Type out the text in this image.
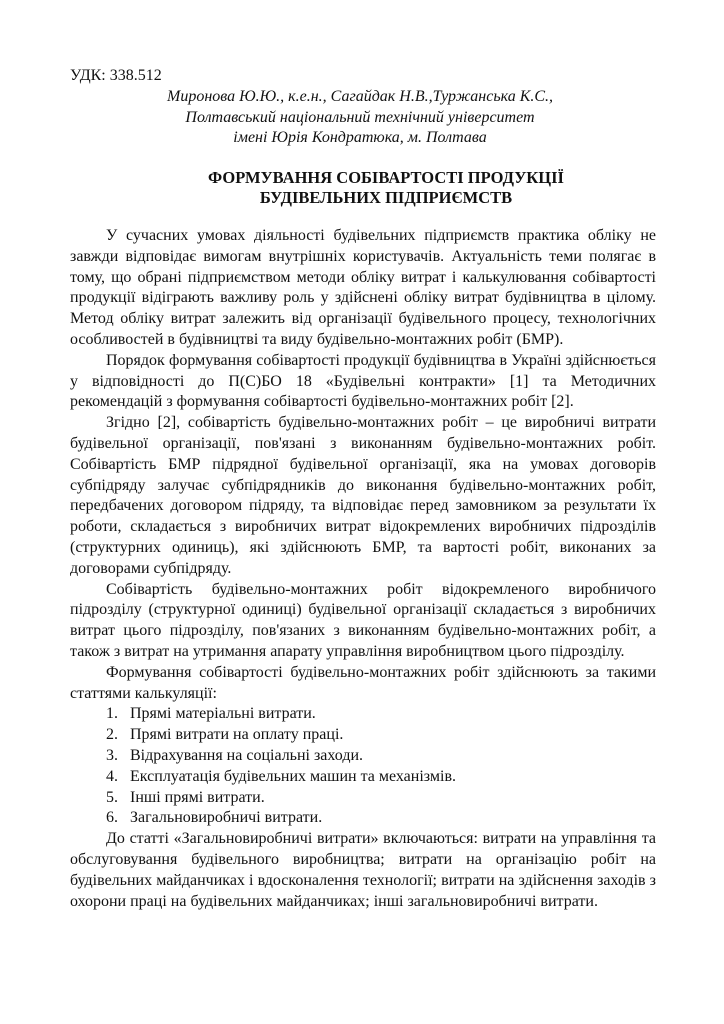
УДК: 338.512
Миронова Ю.Ю., к.е.н., Сагайдак Н.В.,Туржанська К.С.,
Полтавський національний технічний університет
імені Юрія Кондратюка, м. Полтава
ФОРМУВАННЯ СОБІВАРТОСТІ ПРОДУКЦІЇ
БУДІВЕЛЬНИХ ПІДПРИЄМСТВ

У сучасних умовах діяльності будівельних підприємств практика обліку не завжди відповідає вимогам внутрішніх користувачів. Актуальність теми полягає в тому, що обрані підприємством методи обліку витрат і калькулювання собівартості продукції відіграють важливу роль у здійснені обліку витрат будівництва в цілому. Метод обліку витрат залежить від організації будівельного процесу, технологічних особливостей в будівництві та виду будівельно-монтажних робіт (БМР).

Порядок формування собівартості продукції будівництва в Україні здійснюється у відповідності до П(С)БО 18 «Будівельні контракти» [1] та Методичних рекомендацій з формування собівартості будівельно-монтажних робіт [2].

Згідно [2], собівартість будівельно-монтажних робіт – це виробничі витрати будівельної організації, пов'язані з виконанням будівельно-монтажних робіт. Собівартість БМР підрядної будівельної організації, яка на умовах договорів субпідряду залучає субпідрядників до виконання будівельно-монтажних робіт, передбачених договором підряду, та відповідає перед замовником за результати їх роботи, складається з виробничих витрат відокремлених виробничих підрозділів (структурних одиниць), які здійснюють БМР, та вартості робіт, виконаних за договорами субпідряду.

Собівартість будівельно-монтажних робіт відокремленого виробничого підрозділу (структурної одиниці) будівельної організації складається з виробничих витрат цього підрозділу, пов'язаних з виконанням будівельно-монтажних робіт, а також з витрат на утримання апарату управління виробництвом цього підрозділу.

Формування собівартості будівельно-монтажних робіт здійснюють за такими статтями калькуляції:

1. Прямі матеріальні витрати.
2. Прямі витрати на оплату праці.
3. Відрахування на соціальні заходи.
4. Експлуатація будівельних машин та механізмів.
5. Інші прямі витрати.
6. Загальновиробничі витрати.

До статті «Загальновиробничі витрати» включаються: витрати на управління та обслуговування будівельного виробництва; витрати на організацію робіт на будівельних майданчиках і вдосконалення технології; витрати на здійснення заходів з охорони праці на будівельних майданчиках; інші загальновиробничі витрати.
